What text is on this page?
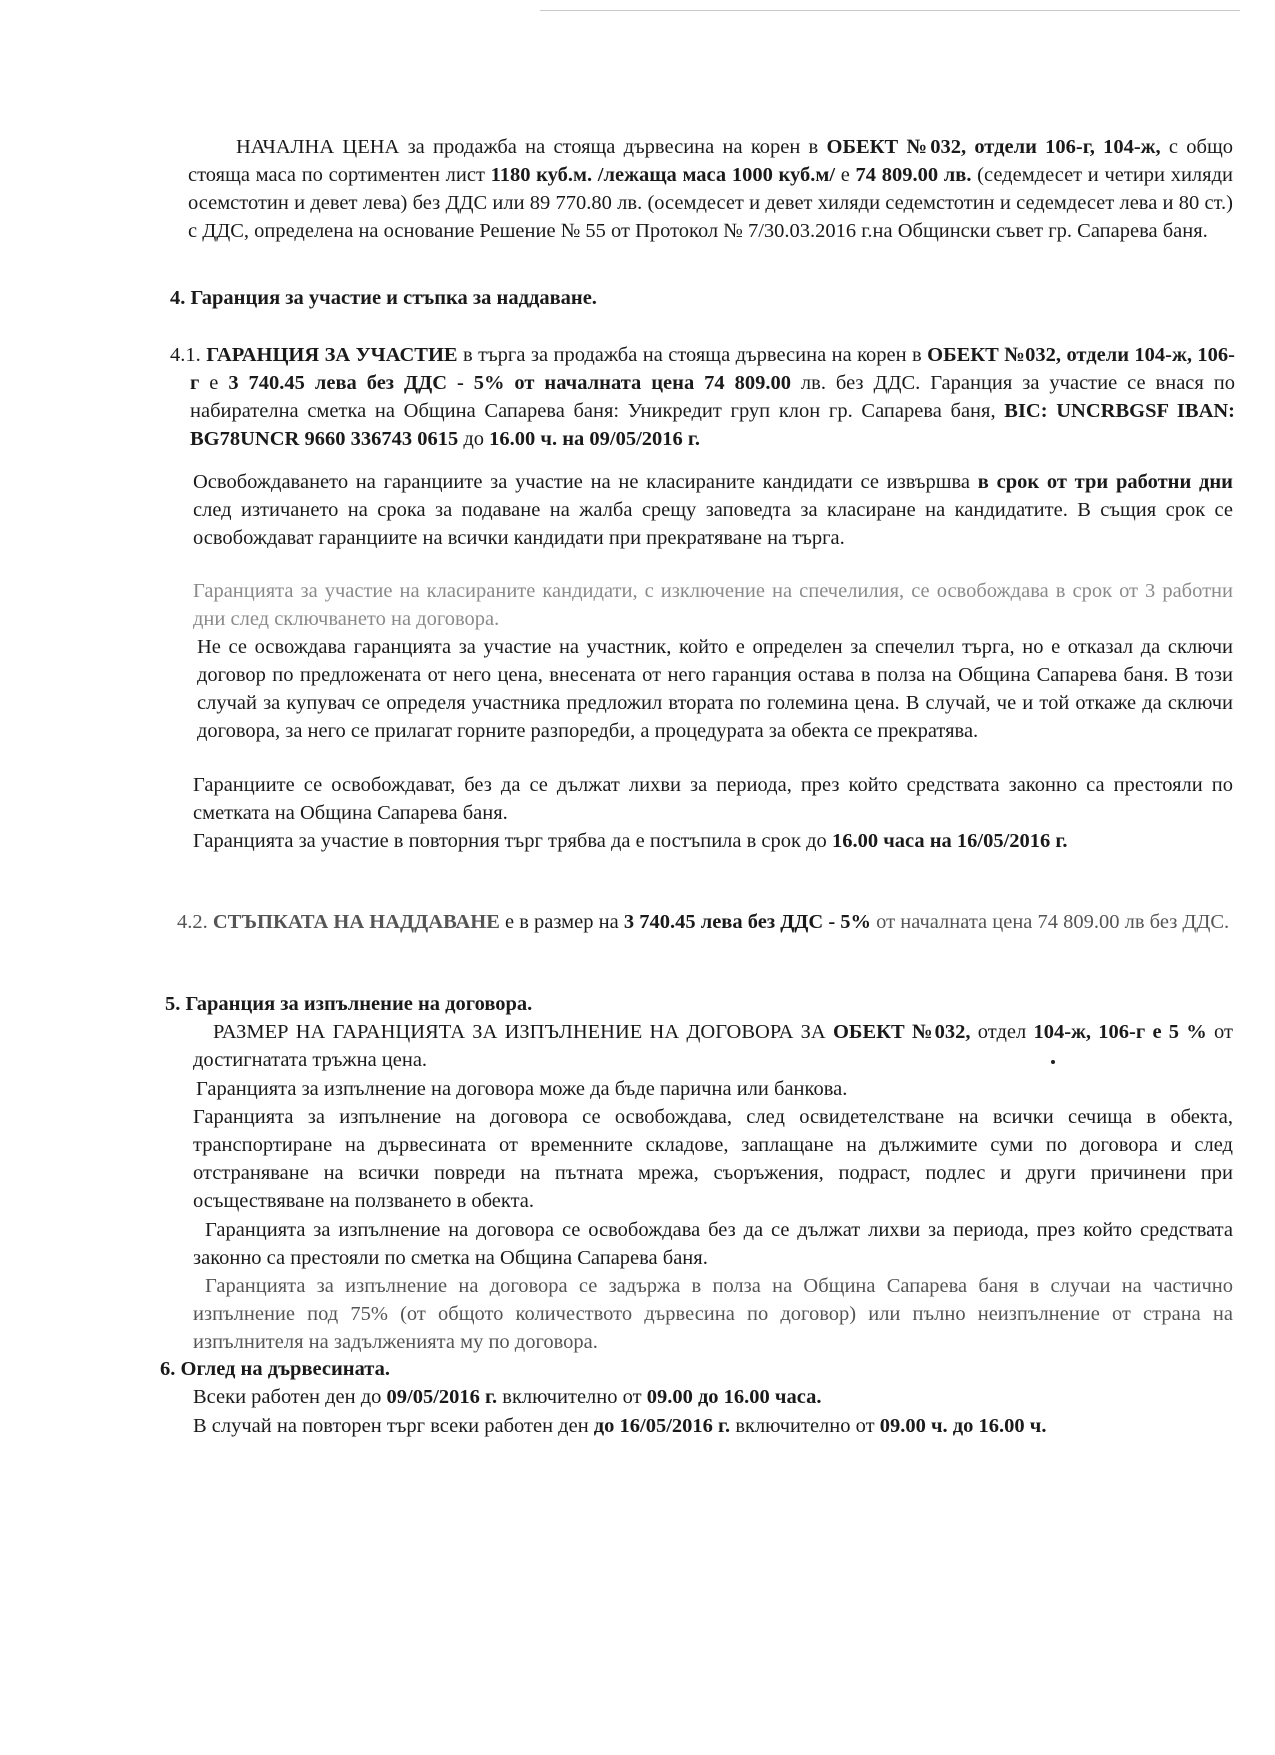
НАЧАЛНА ЦЕНА за продажба на стояща дървесина на корен в ОБЕКТ №032, отдели 106-г, 104-ж, с общо стояща маса по сортиментен лист 1180 куб.м. /лежаща маса 1000 куб.м/ е 74 809.00 лв. (седемдесет и четири хиляди осемстотин и девет лева) без ДДС или 89 770.80 лв. (осемдесет и девет хиляди седемстотин и седемдесет лева и 80 ст.) с ДДС, определена на основание Решение № 55 от Протокол № 7/30.03.2016 г.на Общински съвет гр. Сапарева баня.
4. Гаранция за участие и стъпка за наддаване.
4.1. ГАРАНЦИЯ ЗА УЧАСТИЕ в търга за продажба на стояща дървесина на корен в ОБЕКТ №032, отдели 104-ж, 106-г е 3 740.45 лева без ДДС - 5% от началната цена 74 809.00 лв. без ДДС. Гаранция за участие се внася по набирателна сметка на Община Сапарева баня: Уникредит груп клон гр. Сапарева баня, BIC: UNCRBGSF IBAN: BG78UNCR 9660 336743 0615 до 16.00 ч. на 09/05/2016 г.
Освобождаването на гаранциите за участие на не класираните кандидати се извършва в срок от три работни дни след изтичането на срока за подаване на жалба срещу заповедта за класиране на кандидатите. В същия срок се освобождават гаранциите на всички кандидати при прекратяване на търга.
Гаранцията за участие на класираните кандидати, с изключение на спечелилия, се освобождава в срок от 3 работни дни след сключването на договора.
Не се освождава гаранцията за участие на участник, който е определен за спечелил търга, но е отказал да сключи договор по предложената от него цена, внесената от него гаранция остава в полза на Община Сапарева баня. В този случай за купувач се определя участника предложил втората по големина цена. В случай, че и той откаже да сключи договора, за него се прилагат горните разпоредби, а процедурата за обекта се прекратява.
Гаранциите се освобождават, без да се дължат лихви за периода, през който средствата законно са престояли по сметката на Община Сапарева баня.
Гаранцията за участие в повторния търг трябва да е постъпила в срок до 16.00 часа на 16/05/2016 г.
4.2. СТЪПКАТА НА НАДДАВАНЕ е в размер на 3 740.45 лева без ДДС - 5% от началната цена 74 809.00 лв без ДДС.
5. Гаранция за изпълнение на договора.
РАЗМЕР НА ГАРАНЦИЯТА ЗА ИЗПЪЛНЕНИЕ НА ДОГОВОРА ЗА ОБЕКТ №032, отдел 104-ж, 106-г е 5 % от достигнатата тръжна цена.
Гаранцията за изпълнение на договора може да бъде парична или банкова.
Гаранцията за изпълнение на договора се освобождава, след освидетелстване на всички сечища в обекта, транспортиране на дървесината от временните складове, заплащане на дължимите суми по договора и след отстраняване на всички повреди на пътната мрежа, съоръжения, подраст, подлес и други причинени при осъществяване на ползването в обекта.
Гаранцията за изпълнение на договора се освобождава без да се дължат лихви за периода, през който средствата законно са престояли по сметка на Община Сапарева баня.
Гаранцията за изпълнение на договора се задържа в полза на Община Сапарева баня в случаи на частично изпълнение под 75% (от общото количеството дървесина по договор) или пълно неизпълнение от страна на изпълнителя на задълженията му по договора.
6. Оглед на дървесината.
Всеки работен ден до 09/05/2016 г. включително от 09.00 до 16.00 часа.
В случай на повторен търг всеки работен ден до 16/05/2016 г. включително от 09.00 ч. до 16.00 ч.
